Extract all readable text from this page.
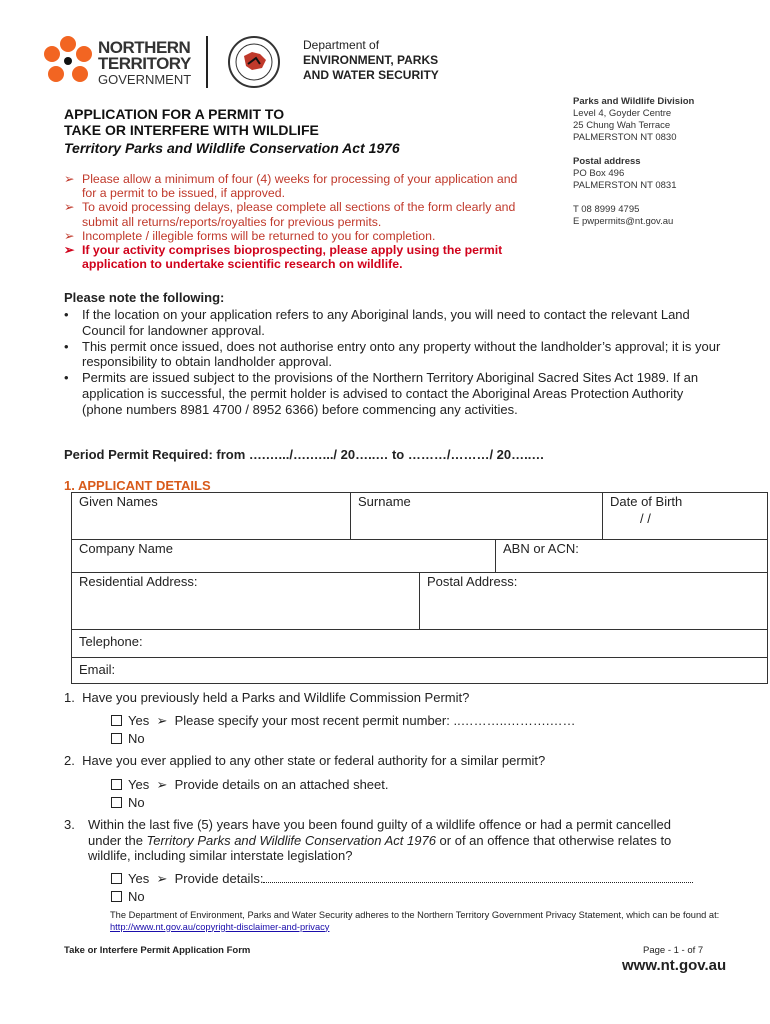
NORTHERN
TERRITORY
GOVERNMENT
Department of
ENVIRONMENT, PARKS
AND WATER SECURITY
Parks and Wildlife Division
Level 4, Goyder Centre
25 Chung Wah Terrace
PALMERSTON NT 0830
Postal address
PO Box 496
PALMERSTON NT 0831
T 08 8999 4795
E pwpermits@nt.gov.au
APPLICATION FOR A PERMIT TO
TAKE OR INTERFERE WITH WILDLIFE
Territory Parks and Wildlife Conservation Act 1976
➢ Please allow a minimum of four (4) weeks for processing of your application and for a permit to be issued, if approved.
➢ To avoid processing delays, please complete all sections of the form clearly and submit all returns/reports/royalties for previous permits.
➢ Incomplete / illegible forms will be returned to you for completion.
➢ If your activity comprises bioprospecting, please apply using the permit application to undertake scientific research on wildlife.
Please note the following:
•	If the location on your application refers to any Aboriginal lands, you will need to contact the relevant Land Council for landowner approval.
•	This permit once issued, does not authorise entry onto any property without the landholder’s approval; it is your responsibility to obtain landholder approval.
•	Permits are issued subject to the provisions of the Northern Territory Aboriginal Sacred Sites Act 1989. If an application is successful, the permit holder is advised to contact the Aboriginal Areas Protection Authority (phone numbers 8981 4700 / 8952 6366) before commencing any activities.
Period Permit Required: from ….….../….….../ 20…..… to ………/………/ 20…..…
1. APPLICANT DETAILS
Given Names	Surname	Date of Birth
/ /
Company Name	ABN or ACN:
Residential Address:	Postal Address:
Telephone:
Email:
1. Have you previously held a Parks and Wildlife Commission Permit?
Yes  ➢  Please specify your most recent permit number: ..………..……….……
No
2. Have you ever applied to any other state or federal authority for a similar permit?
Yes  ➢  Provide details on an attached sheet.
No
3.	Within the last five (5) years have you been found guilty of a wildlife offence or had a permit cancelled under the Territory Parks and Wildlife Conservation Act 1976 or of an offence that otherwise relates to wildlife, including similar interstate legislation?
Yes  ➢  Provide details:
No
The Department of Environment, Parks and Water Security adheres to the Northern Territory Government Privacy Statement, which can be found at: http://www.nt.gov.au/copyright-disclaimer-and-privacy
Take or Interfere Permit Application Form	Page - 1 - of 7
www.nt.gov.au
